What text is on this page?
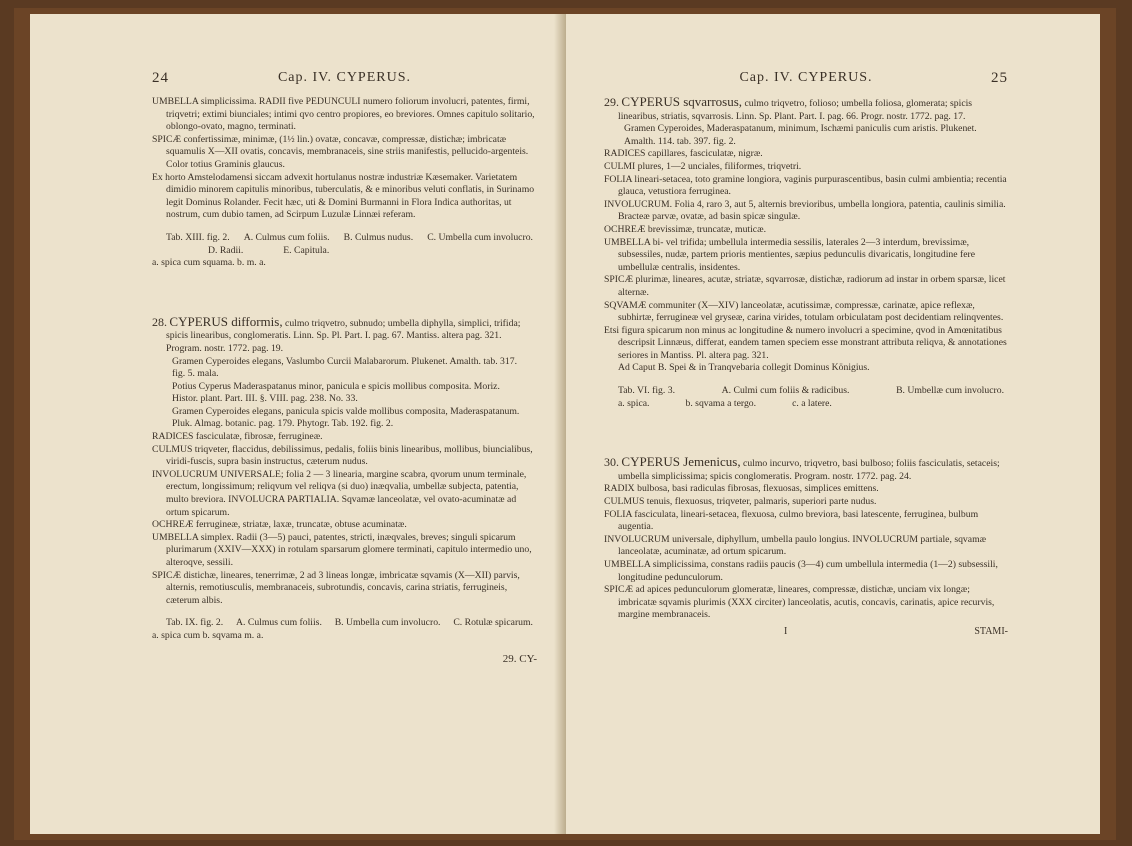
24	Cap. IV. CYPERUS.

UMBELLA simplicissima. RADII five PEDUNCULI numero foliorum involucri, patentes, firmi, triqvetri; extimi biunciales; intimi qvo centro propiores, eo breviores. Omnes capitulo solitario, oblongo-ovato, magno, terminati.

SPICÆ confertissimæ, minimæ, (1½ lin.) ovatæ, concavæ, compressæ, distichæ; imbricatæ squamulis X—XII ovatis, concavis, membranaceis, sine striis manifestis, pellucido-argenteis.

Color totius Graminis glaucus.

Ex horto Amstelodamensi siccam advexit hortulanus nostræ industriæ Kæsemaker. Varietatem dimidio minorem capitulis minoribus, tuberculatis, & e minoribus veluti conflatis, in Surinamo legit Dominus Rolander. Fecit hæc, uti & Domini Burmanni in Flora Indica authoritas, ut nostrum, cum dubio tamen, ad Scirpum Luzulæ Linnæi referam.

Tab. XIII. fig. 2. A. Culmus cum foliis. B. Culmus nudus. C. Umbella cum involucro.
D. Radii.	E. Capitula.

a. spica cum squama. b. m. a.

28. CYPERUS difformis, culmo triqvetro, subnudo; umbella diphylla, simplici, trifida; spicis linearibus, conglomeratis. Linn. Sp. Pl. Part. I. pag. 67. Mantiss. altera pag. 321. Program. nostr. 1772. pag. 19.

Gramen Cyperoides elegans, Vaslumbo Curcii Malabarorum. Plukenet. Amalth. tab. 317. fig. 5. mala.

Potius Cyperus Maderaspatanus minor, panicula e spicis mollibus composita. Moriz. Histor. plant. Part. III. §. VIII. pag. 238. No. 33.

Gramen Cyperoides elegans, panicula spicis valde mollibus composita, Maderaspatanum. Pluk. Almag. botanic. pag. 179. Phytogr. Tab. 192. fig. 2.

RADICES fasciculatæ, fibrosæ, ferrugineæ.

CULMUS triqveter, flaccidus, debilissimus, pedalis, foliis binis linearibus, mollibus, biuncialibus, viridi-fuscis, supra basin instructus, cæterum nudus.

INVOLUCRUM UNIVERSALE; folia 2 — 3 linearia, margine scabra, qvorum unum terminale, erectum, longissimum; reliqvum vel reliqva (si duo) inæqvalia, umbellæ subjecta, patentia, multo breviora. INVOLUCRA PARTIALIA. Sqvamæ lanceolatæ, vel ovato-acuminatæ ad ortum spicarum.

OCHREÆ ferrugineæ, striatæ, laxæ, truncatæ, obtuse acuminatæ.

UMBELLA simplex. Radii (3—5) pauci, patentes, stricti, inæqvales, breves; singuli spicarum plurimarum (XXIV—XXX) in rotulam sparsarum glomere terminati, capitulo intermedio uno, alteroqve, sessili.

SPICÆ distichæ, lineares, tenerrimæ, 2 ad 3 lineas longæ, imbricatæ sqvamis (X—XII) parvis, alternis, remotiusculis, membranaceis, subrotundis, concavis, carina striatis, ferrugineis, cæterum albis.

Tab. IX. fig. 2. A. Culmus cum foliis. B. Umbella cum involucro. C. Rotulæ spicarum.

a. spica cum b. sqvama m. a.

29. CY-
Cap. IV. CYPERUS.	25

29. CYPERUS sqvarrosus, culmo triqvetro, folioso; umbella foliosa, glomerata; spicis linearibus, striatis, sqvarrosis. Linn. Sp. Plant. Part. I. pag. 66. Progr. nostr. 1772. pag. 17.

Gramen Cyperoides, Maderaspatanum, minimum, Ischæmi paniculis cum aristis. Plukenet. Amalth. 114. tab. 397. fig. 2.

RADICES capillares, fasciculatæ, nigræ.

CULMI plures, 1—2 unciales, filiformes, triqvetri.

FOLIA lineari-setacea, toto gramine longiora, vaginis purpurascentibus, basin culmi ambientia; recentia glauca, vetustiora ferruginea.

INVOLUCRUM. Folia 4, raro 3, aut 5, alternis brevioribus, umbella longiora, patentia, caulinis similia. Bracteæ parvæ, ovatæ, ad basin spicæ singulæ.

OCHREÆ brevissimæ, truncatæ, muticæ.

UMBELLA bi- vel trifida; umbellula intermedia sessilis, laterales 2—3 interdum, brevissimæ, subsessiles, nudæ, partem prioris mentientes, sæpius pedunculis divaricatis, longitudine fere umbellulæ centralis, insidentes.

SPICÆ plurimæ, lineares, acutæ, striatæ, sqvarrosæ, distichæ, radiorum ad instar in orbem sparsæ, licet alternæ.

SQVAMÆ communiter (X—XIV) lanceolatæ, acutissimæ, compressæ, carinatæ, apice reflexæ, subhirtæ, ferrugineæ vel gryseæ, carina virides, totulam orbiculatam post decidentiam relinqventes.

Etsi figura spicarum non minus ac longitudine & numero involucri a specimine, qvod in Amœnitatibus descripsit Linnæus, differat, eandem tamen speciem esse monstrant attributa reliqva, & annotationes seriores in Mantiss. Pl. altera pag. 321.

Ad Caput B. Spei & in Tranqvebaria collegit Dominus Königius.

Tab. VI. fig. 3.	A. Culmi cum foliis & radicibus.	B. Umbellæ cum involucro.
a. spica.	b. sqvama a tergo.	c. a latere.

30. CYPERUS Jemenicus, culmo incurvo, triqvetro, basi bulboso; foliis fasciculatis, setaceis; umbella simplicissima; spicis conglomeratis. Program. nostr. 1772. pag. 24.

RADIX bulbosa, basi radiculas fibrosas, flexuosas, simplices emittens.

CULMUS tenuis, flexuosus, triqveter, palmaris, superiori parte nudus.

FOLIA fasciculata, lineari-setacea, flexuosa, culmo breviora, basi latescente, ferruginea, bulbum augentia.

INVOLUCRUM universale, diphyllum, umbella paulo longius. INVOLUCRUM partiale, sqvamæ lanceolatæ, acuminatæ, ad ortum spicarum.

UMBELLA simplicissima, constans radiis paucis (3—4) cum umbellula intermedia (1—2) subsessili, longitudine pedunculorum.

SPICÆ ad apices pedunculorum glomeratæ, lineares, compressæ, distichæ, unciam vix longæ; imbricatæ sqvamis plurimis (XXX circiter) lanceolatis, acutis, concavis, carinatis, apice recurvis, margine membranaceis.

I	STAMI-
